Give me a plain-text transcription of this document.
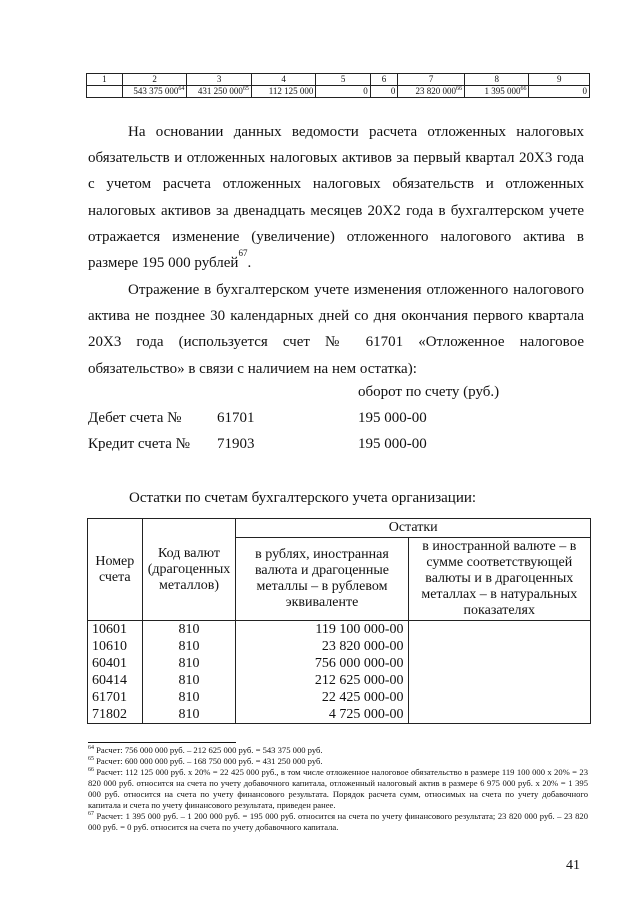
1	2	3	4	5	6	7	8	9
	543 375 $000^{64}$	431 250 $000^{65}$	112 125 000	0	0	23 820 $000^{66}$	1 395 $000^{66}$	0

На основании данных ведомости расчета отложенных налоговых обязательств и отложенных налоговых активов за первый квартал 20Х3 года с учетом расчета отложенных налоговых обязательств и отложенных налоговых активов за двенадцать месяцев 20Х2 года в бухгалтерском учете отражается изменение (увеличение) отложенного налогового актива в размере 195 000 рублей$^{67}$.

Отражение в бухгалтерском учете изменения отложенного налогового актива не позднее 30 календарных дней со дня окончания первого квартала 20Х3 года (используется счет № 61701 «Отложенное налоговое обязательство» в связи с наличием на нем остатка):

оборот по счету (руб.)
Дебет счета № 61701	195 000-00
Кредит счета № 71903	195 000-00
Остатки по счетам бухгалтерского учета организации:
Номер счета	Код валют (драгоценных металлов)	Остатки	
		в рублях, иностранная валюта и драгоценные металлы – в рублевом эквиваленте	в иностранной валюте – в сумме соответствующей валюты и в драгоценных металлах – в натуральных показателях
10601	810	119 100 000-00	
10610	810	23 820 000-00	
60401	810	756 000 000-00	
60414	810	212 625 000-00	
61701	810	22 425 000-00	
71802	810	4 725 000-00	

$^{64}$ Расчет: 756 000 000 руб. – 212 625 000 руб. = 543 375 000 руб.

$^{65}$ Расчет: 600 000 000 руб. – 168 750 000 руб. = 431 250 000 руб.

$^{66}$ Расчет: 112 125 000 руб. х 20% = 22 425 000 руб., в том числе отложенное налоговое обязательство в размере 119 100 000 х 20% = 23 820 000 руб. относится на счета по учету добавочного капитала, отложенный налоговый актив в размере 6 975 000 руб. х 20% = 1 395 000 руб. относится на счета по учету финансового результата. Порядок расчета сумм, относимых на счета по учету добавочного капитала и счета по учету финансового результата, приведен ранее.

$^{67}$ Расчет: 1 395 000 руб. – 1 200 000 руб. = 195 000 руб. относится на счета по учету финансового результата; 23 820 000 руб. – 23 820 000 руб. = 0 руб. относится на счета по учету добавочного капитала.

41
